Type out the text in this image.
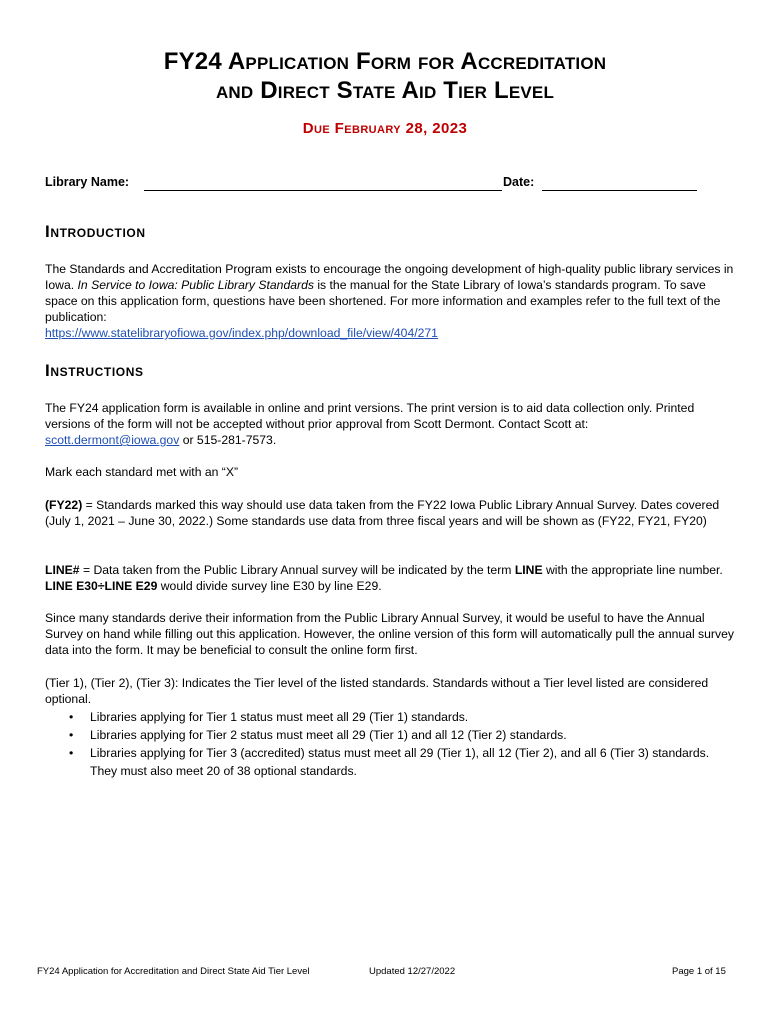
FY24 Application Form for Accreditation
and Direct State Aid Tier Level
Due February 28, 2023
Library Name:	Date:
Introduction
The Standards and Accreditation Program exists to encourage the ongoing development of high-quality public library services in Iowa. In Service to Iowa: Public Library Standards is the manual for the State Library of Iowa’s standards program. To save space on this application form, questions have been shortened. For more information and examples refer to the full text of the publication:
https://www.statelibraryofiowa.gov/index.php/download_file/view/404/271
Instructions
The FY24 application form is available in online and print versions. The print version is to aid data collection only. Printed versions of the form will not be accepted without prior approval from Scott Dermont. Contact Scott at:
scott.dermont@iowa.gov or 515-281-7573.
Mark each standard met with an “X”
(FY22) = Standards marked this way should use data taken from the FY22 Iowa Public Library Annual Survey. Dates covered (July 1, 2021 – June 30, 2022.) Some standards use data from three fiscal years and will be shown as (FY22, FY21, FY20)
LINE# = Data taken from the Public Library Annual survey will be indicated by the term LINE with the appropriate line number. LINE E30÷LINE E29 would divide survey line E30 by line E29.
Since many standards derive their information from the Public Library Annual Survey, it would be useful to have the Annual Survey on hand while filling out this application. However, the online version of this form will automatically pull the annual survey data into the form. It may be beneficial to consult the online form first.
(Tier 1), (Tier 2), (Tier 3): Indicates the Tier level of the listed standards. Standards without a Tier level listed are considered optional.
• Libraries applying for Tier 1 status must meet all 29 (Tier 1) standards.
• Libraries applying for Tier 2 status must meet all 29 (Tier 1) and all 12 (Tier 2) standards.
• Libraries applying for Tier 3 (accredited) status must meet all 29 (Tier 1), all 12 (Tier 2), and all 6 (Tier 3) standards. They must also meet 20 of 38 optional standards.
FY24 Application for Accreditation and Direct State Aid Tier Level	Updated 12/27/2022	Page 1 of 15
